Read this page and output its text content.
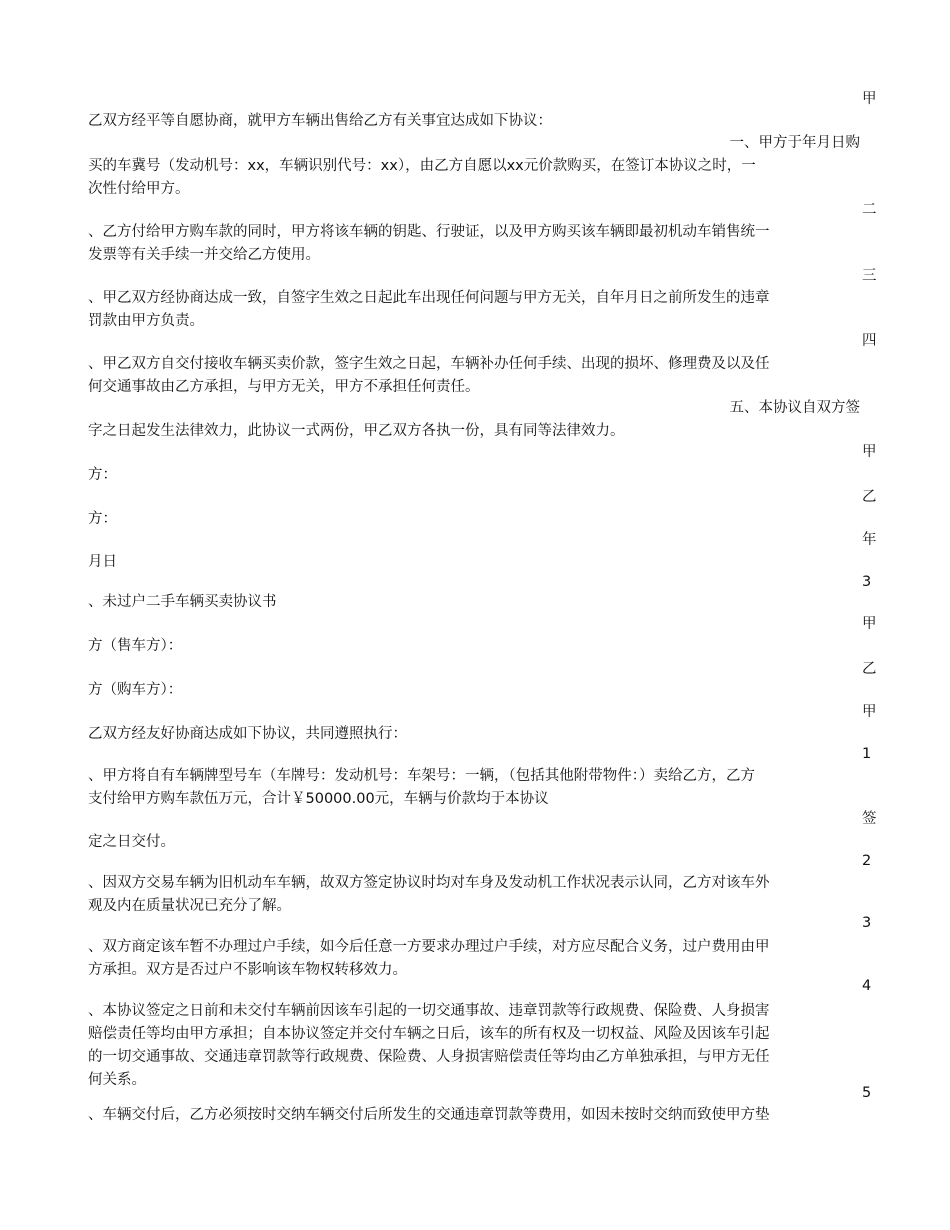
甲
二
三
四
甲
乙
年
3
甲
乙
甲
1
签
2
3
4
5
乙双方经平等自愿协商，就甲方车辆出售给乙方有关事宜达成如下协议：
一、甲方于年月日购
买的车冀号（发动机号：xx，车辆识别代号：xx），由乙方自愿以xx元价款购买，在签订本协议之时，一
次性付给甲方。
、乙方付给甲方购车款的同时，甲方将该车辆的钥匙、行驶证，以及甲方购买该车辆即最初机动车销售统一
发票等有关手续一并交给乙方使用。
、甲乙双方经协商达成一致，自签字生效之日起此车出现任何问题与甲方无关，自年月日之前所发生的违章
罚款由甲方负责。
、甲乙双方自交付接收车辆买卖价款，签字生效之日起，车辆补办任何手续、出现的损坏、修理费及以及任
何交通事故由乙方承担，与甲方无关，甲方不承担任何责任。
五、本协议自双方签
字之日起发生法律效力，此协议一式两份，甲乙双方各执一份，具有同等法律效力。
方：
方：
月日
、未过户二手车辆买卖协议书
方（售车方）：
方（购车方）：
乙双方经友好协商达成如下协议，共同遵照执行：
、甲方将自有车辆牌型号车（车牌号：发动机号：车架号：一辆，（包括其他附带物件：）卖给乙方，乙方
支付给甲方购车款伍万元，合计￥50000.00元，车辆与价款均于本协议
定之日交付。
、因双方交易车辆为旧机动车车辆，故双方签定协议时均对车身及发动机工作状况表示认同，乙方对该车外
观及内在质量状况已充分了解。
、双方商定该车暂不办理过户手续，如今后任意一方要求办理过户手续，对方应尽配合义务，过户费用由甲
方承担。双方是否过户不影响该车物权转移效力。
、本协议签定之日前和未交付车辆前因该车引起的一切交通事故、违章罚款等行政规费、保险费、人身损害
赔偿责任等均由甲方承担；自本协议签定并交付车辆之日后，该车的所有权及一切权益、风险及因该车引起
的一切交通事故、交通违章罚款等行政规费、保险费、人身损害赔偿责任等均由乙方单独承担，与甲方无任
何关系。
、车辆交付后，乙方必须按时交纳车辆交付后所发生的交通违章罚款等费用，如因未按时交纳而致使甲方垫
